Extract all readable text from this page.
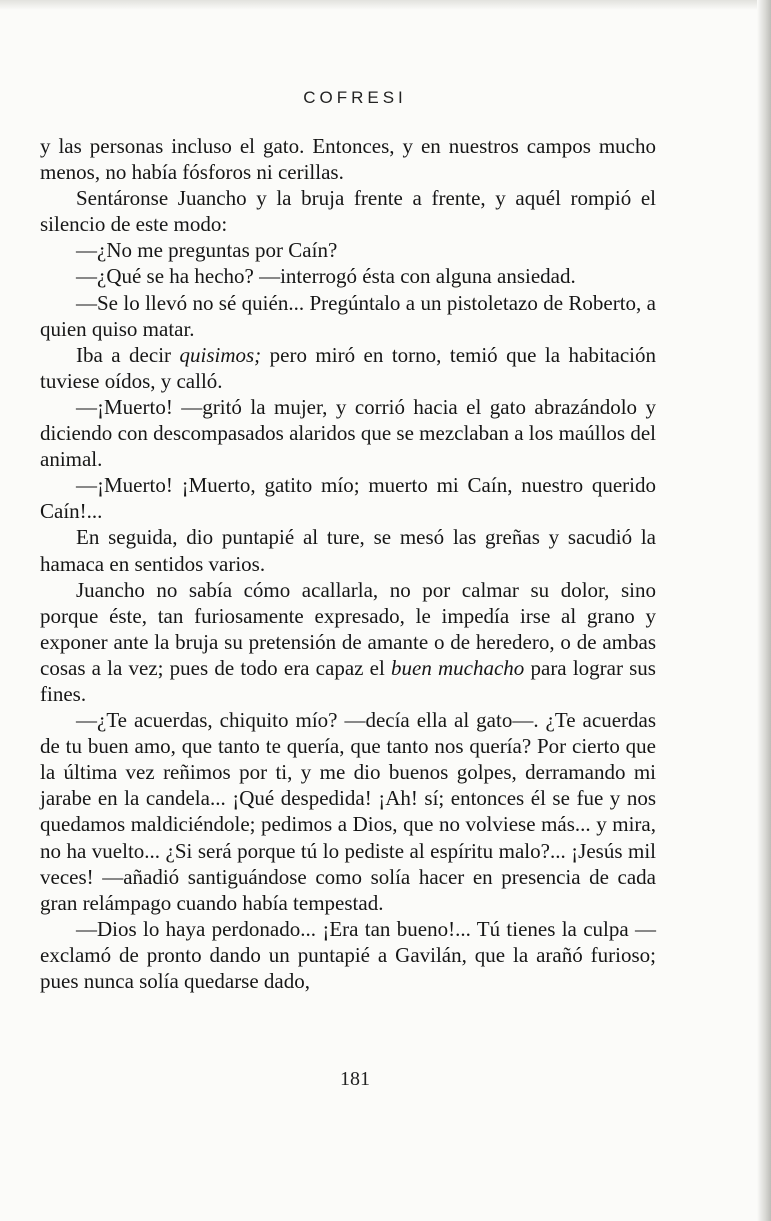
COFRESI

y las personas incluso el gato. Entonces, y en nuestros campos mucho menos, no había fósforos ni cerillas.

Sentáronse Juancho y la bruja frente a frente, y aquél rompió el silencio de este modo:

—¿No me preguntas por Caín?

—¿Qué se ha hecho? —interrogó ésta con alguna ansiedad.

—Se lo llevó no sé quién... Pregúntalo a un pistoletazo de Roberto, a quien quiso matar.

Iba a decir quisimos; pero miró en torno, temió que la habitación tuviese oídos, y calló.

—¡Muerto! —gritó la mujer, y corrió hacia el gato abrazándolo y diciendo con descompasados alaridos que se mezclaban a los maúllos del animal.

—¡Muerto! ¡Muerto, gatito mío; muerto mi Caín, nuestro querido Caín!...

En seguida, dio puntapié al ture, se mesó las greñas y sacudió la hamaca en sentidos varios.

Juancho no sabía cómo acallarla, no por calmar su dolor, sino porque éste, tan furiosamente expresado, le impedía irse al grano y exponer ante la bruja su pretensión de amante o de heredero, o de ambas cosas a la vez; pues de todo era capaz el buen muchacho para lograr sus fines.

—¿Te acuerdas, chiquito mío? —decía ella al gato—. ¿Te acuerdas de tu buen amo, que tanto te quería, que tanto nos quería? Por cierto que la última vez reñimos por ti, y me dio buenos golpes, derramando mi jarabe en la candela... ¡Qué despedida! ¡Ah! sí; entonces él se fue y nos quedamos maldiciéndole; pedimos a Dios, que no volviese más... y mira, no ha vuelto... ¿Si será porque tú lo pediste al espíritu malo?... ¡Jesús mil veces! —añadió santiguándose como solía hacer en presencia de cada gran relámpago cuando había tempestad.

—Dios lo haya perdonado... ¡Era tan bueno!... Tú tienes la culpa —exclamó de pronto dando un puntapié a Gavilán, que la arañó furioso; pues nunca solía quedarse dado,

181
